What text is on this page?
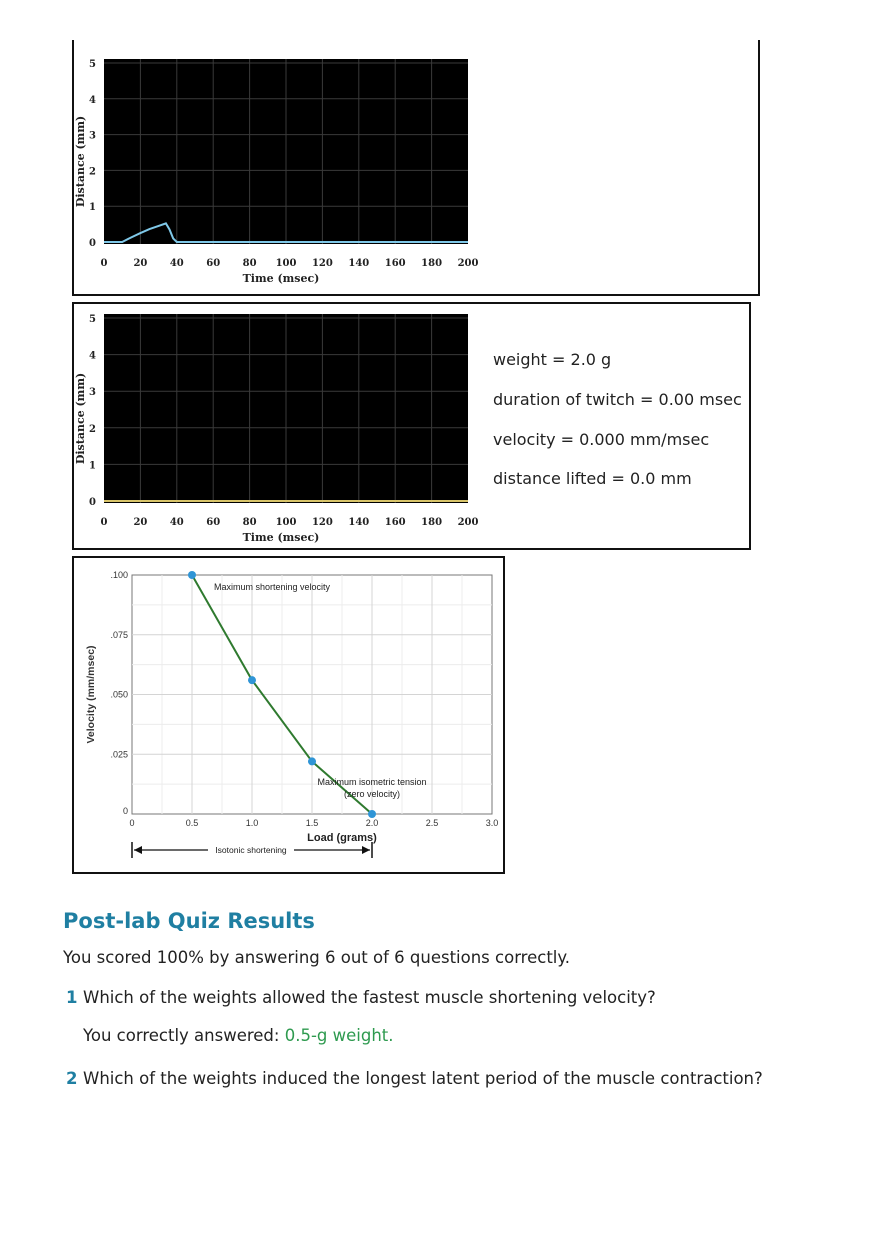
0	20 40 60 80 100 120 140 160 180 200
0
1
2
3
4
5
Time (msec)
Distance (mm)
0	20 40 60 80 100 120 140 160 180 200
0
1
2
3
4
5
Time (msec)
Distance (mm)
weight = 2.0 g
duration of twitch = 0.00 msec
velocity = 0.000 mm/msec
distance lifted = 0.0 mm
0	0.5	1.0	1.5	2.0	2.5	3.0
0
.025
.050
.075
.100
Load (grams)
Velocity (mm/msec)
Maximum shortening velocity
Maximum isometric tension
(zero velocity)
Isotonic shortening
Post-lab Quiz Results
You scored 100% by answering 6 out of 6 questions correctly.
1 Which of the weights allowed the fastest muscle shortening velocity?
You correctly answered: 0.5-g weight.
2 Which of the weights induced the longest latent period of the muscle contraction?
